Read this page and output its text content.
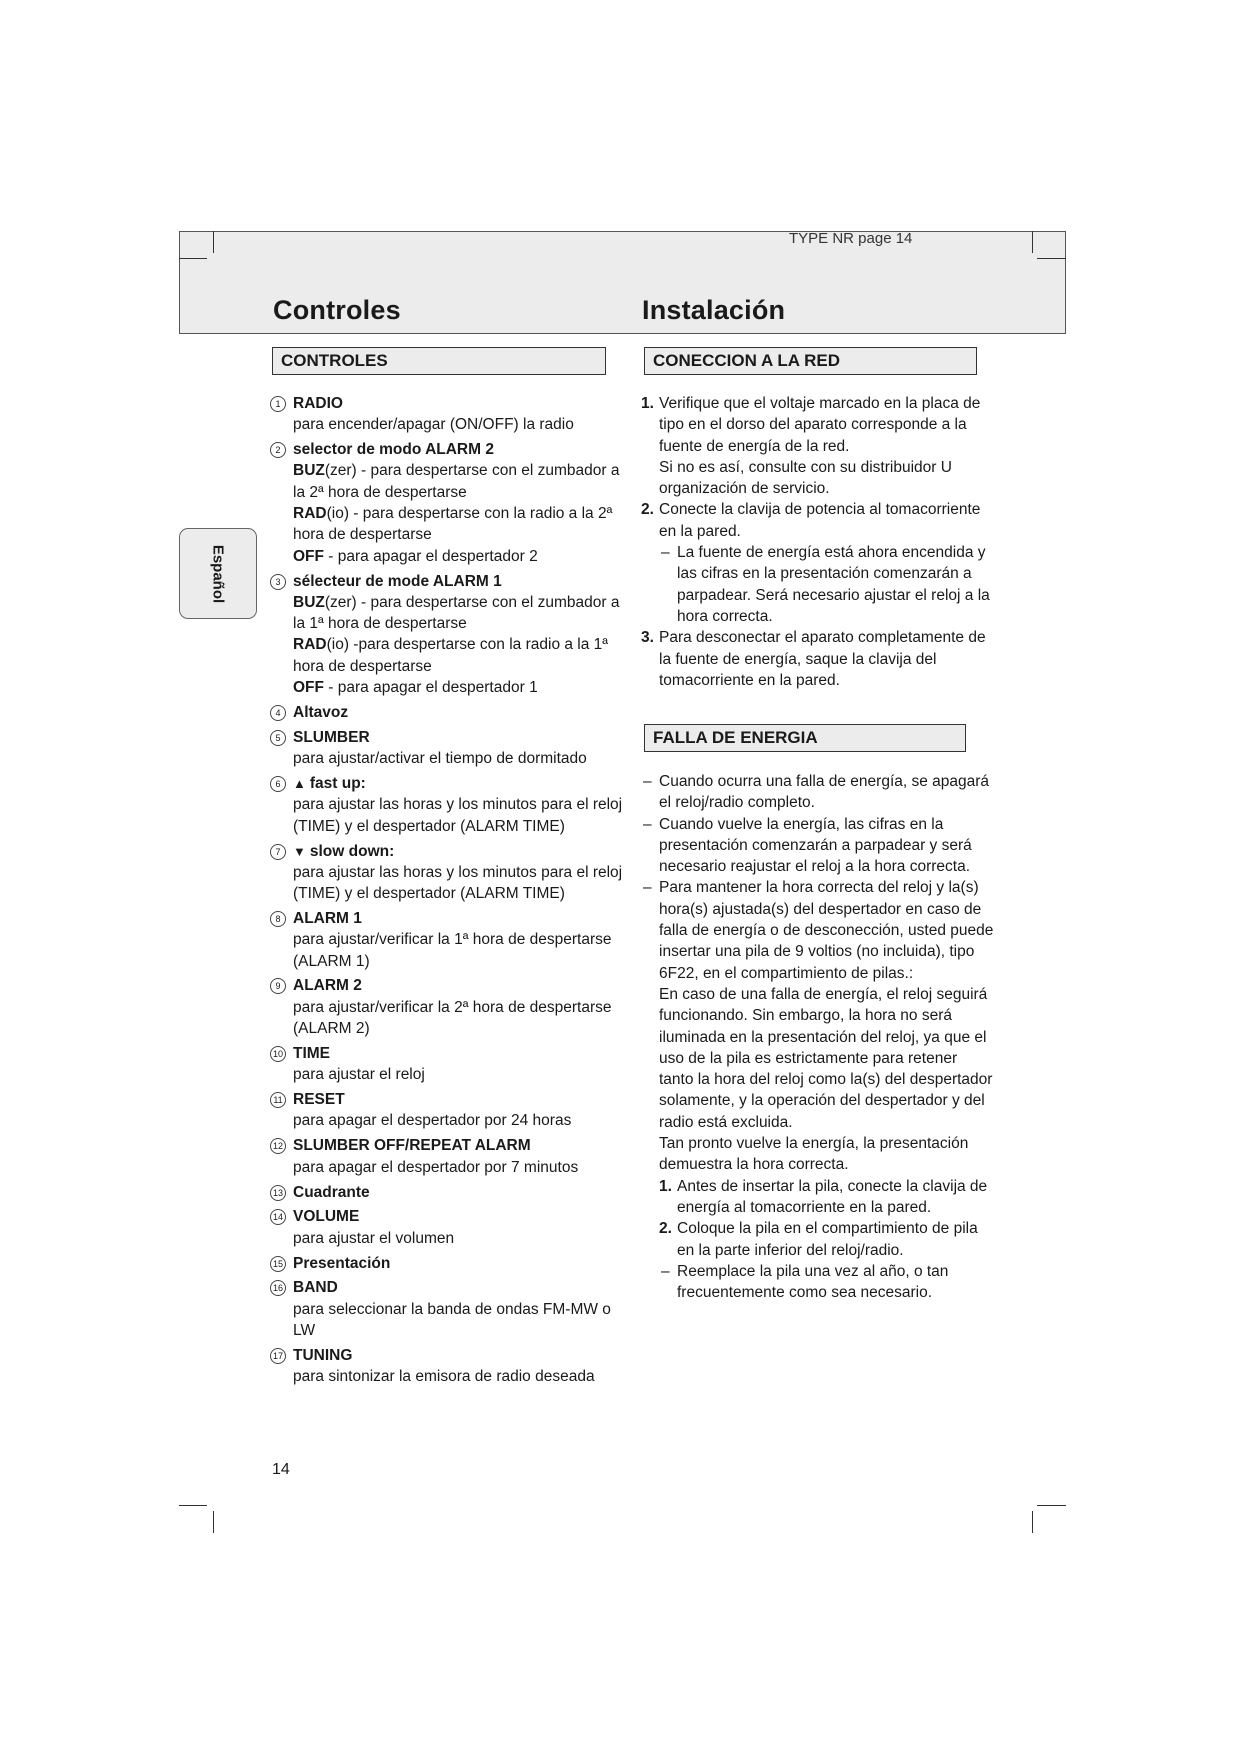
TYPE NR page 14
Controles	Instalación
Español
CONTROLES
1 RADIO
para encender/apagar (ON/OFF) la radio
2 selector de modo ALARM 2
BUZ(zer) - para despertarse con el zumbador a la 2ª hora de despertarse
RAD(io) - para despertarse con la radio a la 2ª hora de despertarse
OFF - para apagar el despertador 2
3 sélecteur de mode ALARM 1
BUZ(zer) - para despertarse con el zumbador a la 1ª hora de despertarse
RAD(io) -para despertarse con la radio a la 1ª hora de despertarse
OFF - para apagar el despertador 1
4 Altavoz
5 SLUMBER
para ajustar/activar el tiempo de dormitado
6 ▲ fast up:
para ajustar las horas y los minutos para el reloj (TIME) y el despertador (ALARM TIME)
7 ▼ slow down:
para ajustar las horas y los minutos para el reloj (TIME) y el despertador (ALARM TIME)
8 ALARM 1
para ajustar/verificar la 1ª hora de despertarse (ALARM 1)
9 ALARM 2
para ajustar/verificar la 2ª hora de despertarse (ALARM 2)
10 TIME
para ajustar el reloj
11 RESET
para apagar el despertador por 24 horas
12 SLUMBER OFF/REPEAT ALARM
para apagar el despertador por 7 minutos
13 Cuadrante
14 VOLUME
para ajustar el volumen
15 Presentación
16 BAND
para seleccionar la banda de ondas FM-MW o LW
17 TUNING
para sintonizar la emisora de radio deseada
CONECCION A LA RED
1. Verifique que el voltaje marcado en la placa de tipo en el dorso del aparato corresponde a la fuente de energía de la red.
Si no es así, consulte con su distribuidor U organización de servicio.
2. Conecte la clavija de potencia al tomacorriente en la pared.
– La fuente de energía está ahora encendida y las cifras en la presentación comenzarán a parpadear. Será necesario ajustar el reloj a la hora correcta.
3. Para desconectar el aparato completamente de la fuente de energía, saque la clavija del tomacorriente en la pared.
FALLA DE ENERGIA
– Cuando ocurra una falla de energía, se apagará el reloj/radio completo.
– Cuando vuelve la energía, las cifras en la presentación comenzarán a parpadear y será necesario reajustar el reloj a la hora correcta.
– Para mantener la hora correcta del reloj y la(s) hora(s) ajustada(s) del despertador en caso de falla de energía o de desconección, usted puede insertar una pila de 9 voltios (no incluida), tipo 6F22, en el compartimiento de pilas.:
En caso de una falla de energía, el reloj seguirá funcionando. Sin embargo, la hora no será iluminada en la presentación del reloj, ya que el uso de la pila es estrictamente para retener tanto la hora del reloj como la(s) del despertador solamente, y la operación del despertador y del radio está excluida.
Tan pronto vuelve la energía, la presentación demuestra la hora correcta.
1. Antes de insertar la pila, conecte la clavija de energía al tomacorriente en la pared.
2. Coloque la pila en el compartimiento de pila en la parte inferior del reloj/radio.
– Reemplace la pila una vez al año, o tan frecuentemente como sea necesario.
14
